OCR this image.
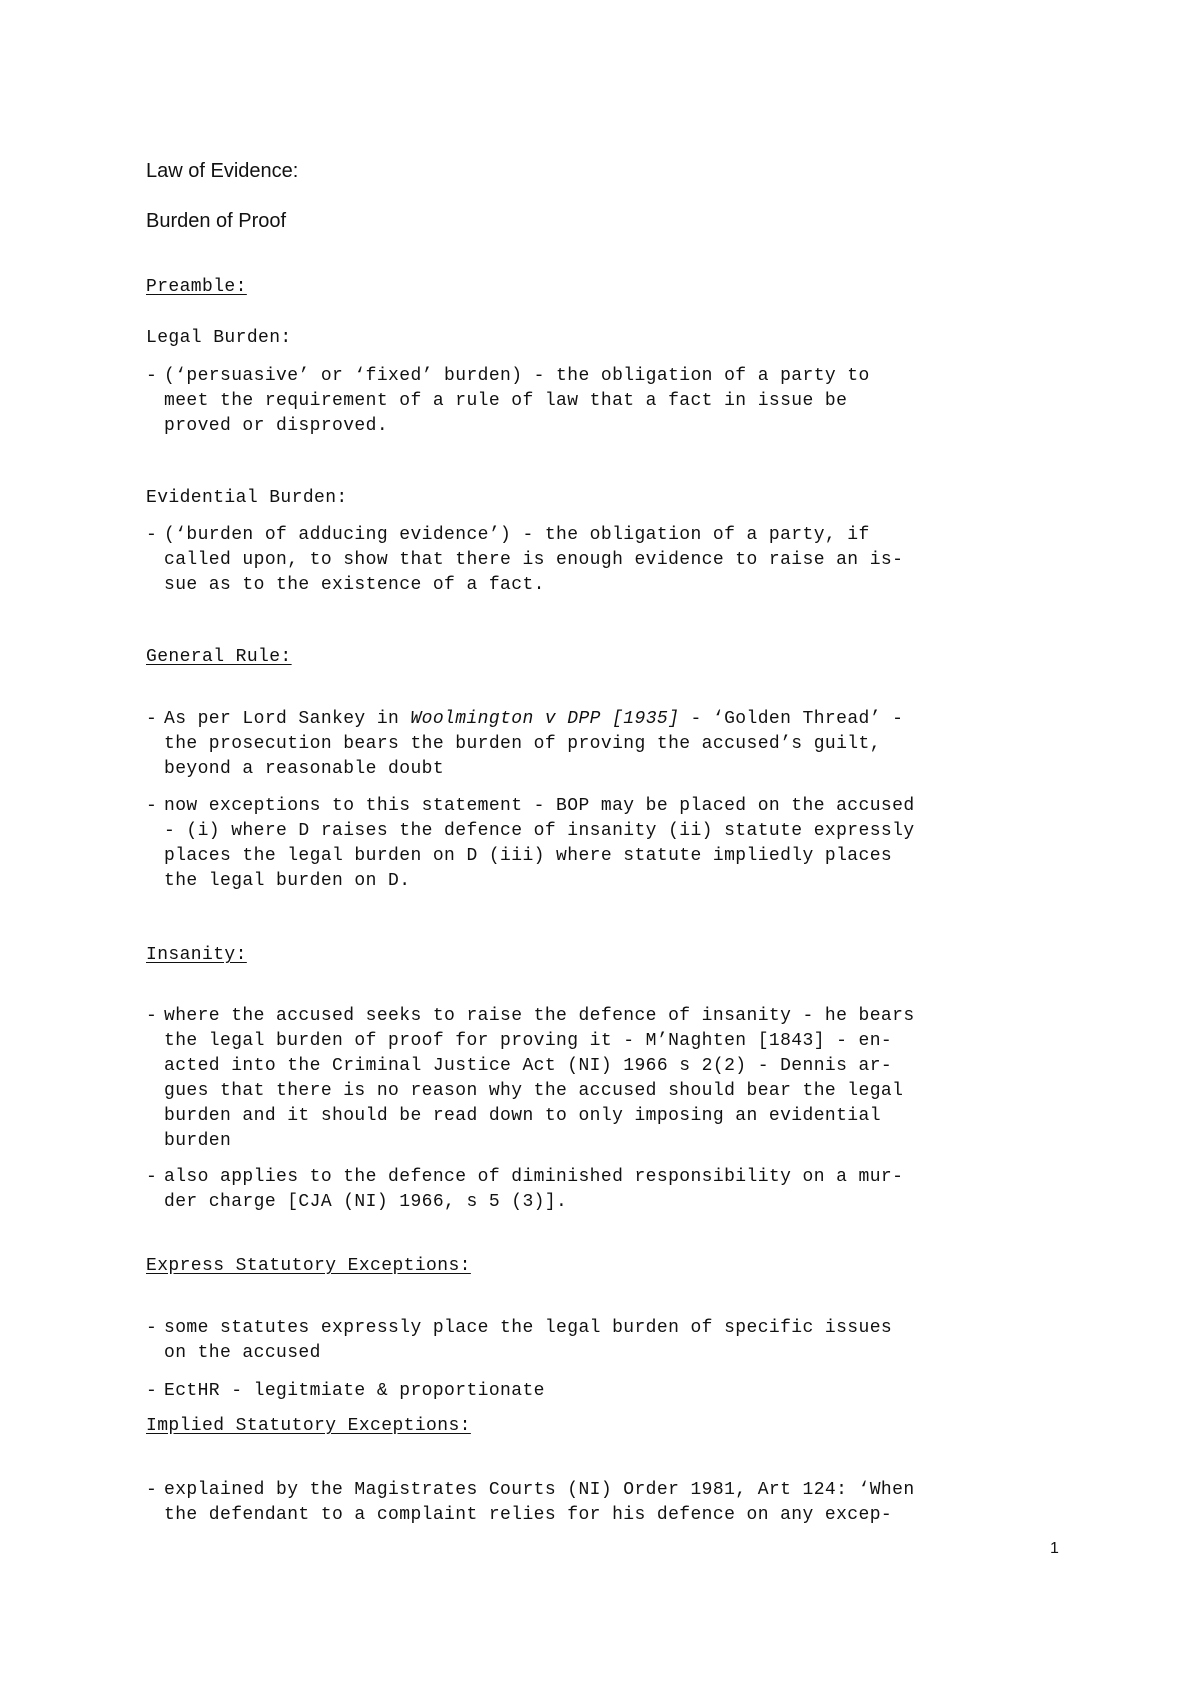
Law of Evidence:

Burden of Proof

Preamble:

Legal Burden:

- (‘persuasive’ or ‘fixed’ burden) - the obligation of a party to
meet the requirement of a rule of law that a fact in issue be
proved or disproved.

Evidential Burden:

- (‘burden of adducing evidence’) - the obligation of a party, if
called upon, to show that there is enough evidence to raise an is-
sue as to the existence of a fact.

General Rule:

- As per Lord Sankey in Woolmington v DPP [1935] - ‘Golden Thread’ -
the prosecution bears the burden of proving the accused’s guilt,
beyond a reasonable doubt
- now exceptions to this statement - BOP may be placed on the accused
- (i) where D raises the defence of insanity (ii) statute expressly
places the legal burden on D (iii) where statute impliedly places
the legal burden on D.

Insanity:

- where the accused seeks to raise the defence of insanity - he bears
the legal burden of proof for proving it - M’Naghten [1843] - en-
acted into the Criminal Justice Act (NI) 1966 s 2(2) - Dennis ar-
gues that there is no reason why the accused should bear the legal
burden and it should be read down to only imposing an evidential
burden
- also applies to the defence of diminished responsibility on a mur-
der charge [CJA (NI) 1966, s 5 (3)].

Express Statutory Exceptions:

- some statutes expressly place the legal burden of specific issues
on the accused
- EctHR - legitmiate & proportionate

Implied Statutory Exceptions:

- explained by the Magistrates Courts (NI) Order 1981, Art 124: ‘When
the defendant to a complaint relies for his defence on any excep-
1
